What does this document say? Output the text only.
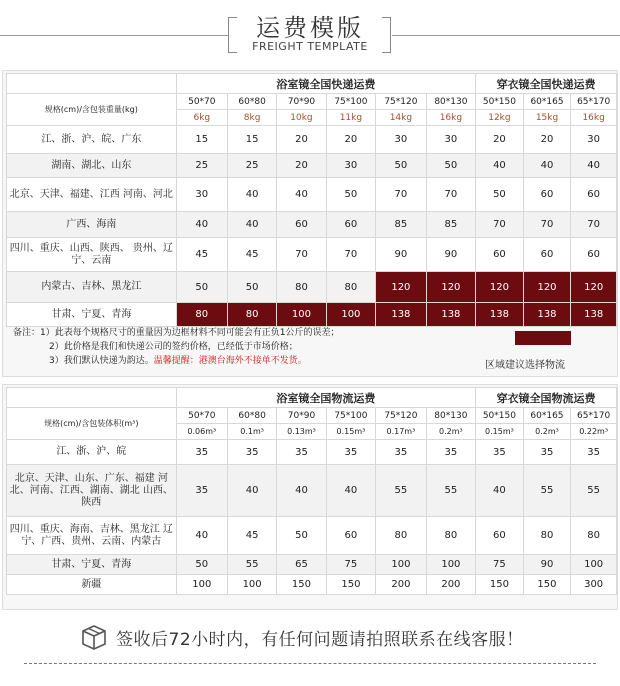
运费模版
FREIGHT TEMPLATE
	浴室镜全国快递运费						穿衣镜全国快递运费		
规格(cm)/含包装重量(kg)	50*70	60*80	70*90	75*100	75*120	80*130	50*150	60*165	65*170
	6kg	8kg	10kg	11kg	14kg	16kg	12kg	15kg	16kg
江、浙、沪、皖、广东	15	15	20	20	30	30	20	20	30
湖南、湖北、山东	25	25	20	30	50	50	40	40	40
北京、天津、福建、江西 河南、河北	30	40	40	50	70	70	50	60	60
广西、海南	40	40	60	60	85	85	70	70	70
四川、重庆、山西、陕西、 贵州、辽宁、云南	45	45	70	70	90	90	60	60	60
内蒙古、吉林、黑龙江	50	50	80	80	120	120	120	120	120
甘肃、宁夏、青海	80	80	100	100	138	138	138	138	138
备注：1）此表每个规格尺寸的重量因为边框材料不同可能会有正负1公斤的误差；
2）此价格是我们和快递公司的签约价格，已经低于市场价格；
3）我们默认快递为韵达。温馨提醒：港澳台海外不接单不发货。	区域建议选择物流
	浴室镜全国物流运费						穿衣镜全国物流运费		
规格(cm)/含包装体积(m³)	50*70	60*80	70*90	75*100	75*120	80*130	50*150	60*165	65*170
	0.06m³	0.1m³	0.13m³	0.15m³	0.17m³	0.2m³	0.15m³	0.2m³	0.22m³
江、浙、沪、皖	35	35	35	35	35	35	35	35	35
北京、天津、山东、广东、福建 河北、河南、江西、湖南、湖北 山西、陕西	35	40	40	40	55	55	40	55	55
四川、重庆、海南、吉林、黑龙江 辽宁、广西、贵州、云南、内蒙古	40	45	50	60	80	80	60	80	80
甘肃、宁夏、青海	50	55	65	75	100	100	75	90	100
新疆	100	100	150	150	200	200	150	150	300
签收后72小时内，有任何问题请拍照联系在线客服！
